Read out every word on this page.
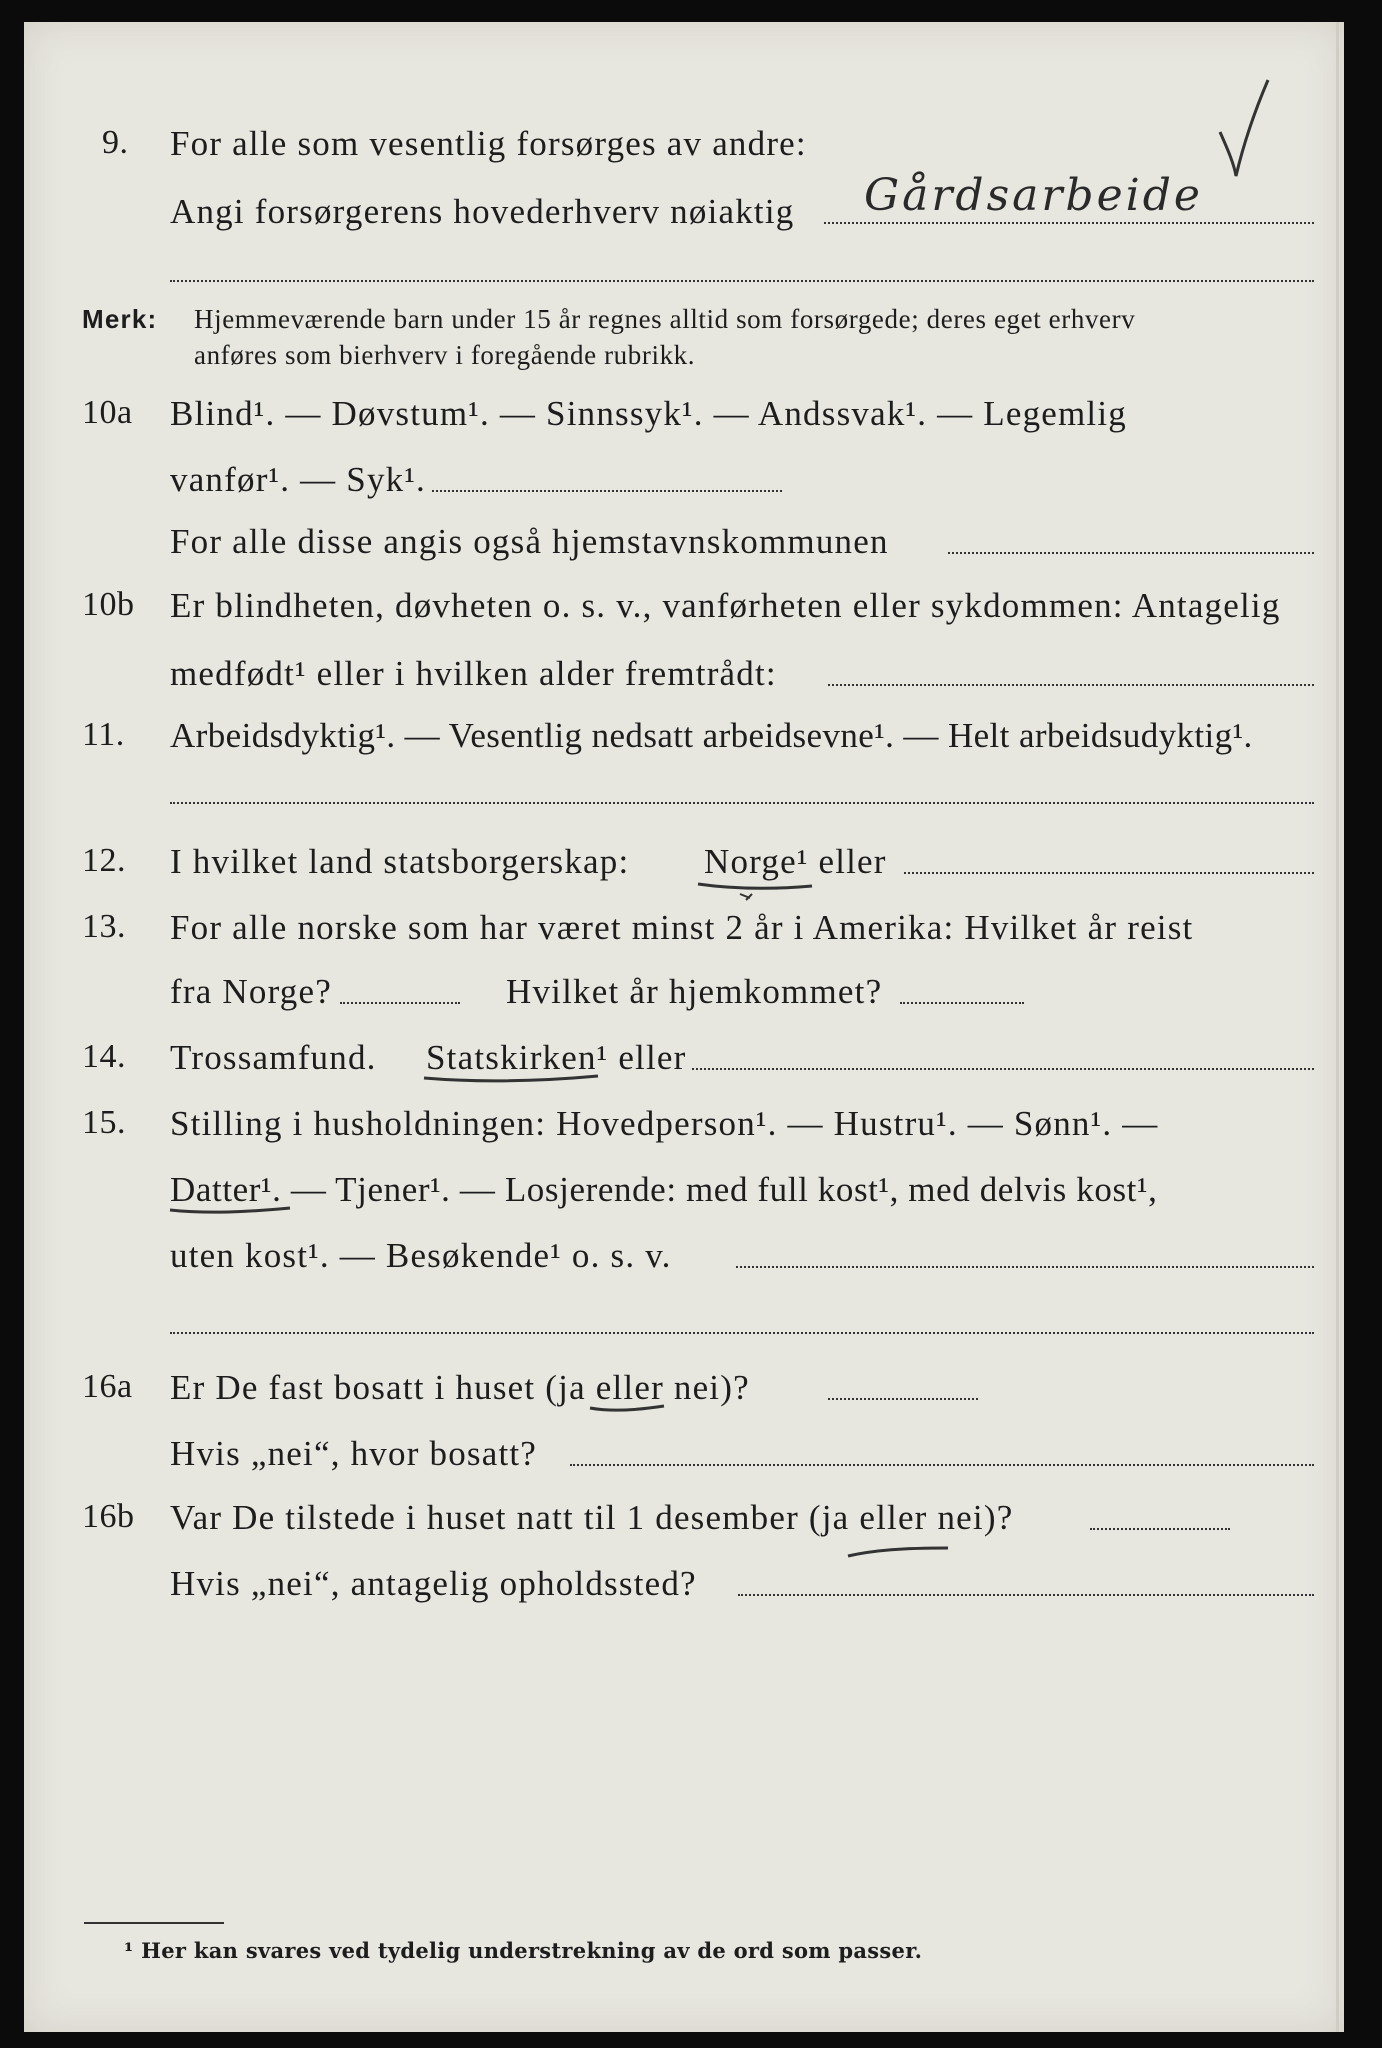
9. For alle som vesentlig forsørges av andre:
Angi forsørgerens hovederhverv nøiaktig Gårdsarbeide
Merk: Hjemmeværende barn under 15 år regnes alltid som forsørgede; deres eget erhverv
anføres som bierhverv i foregående rubrikk.
10a Blind¹. — Døvstum¹. — Sinnssyk¹. — Andssvak¹. — Legemlig
vanfør¹. — Syk¹.
For alle disse angis også hjemstavnskommunen
10b Er blindheten, døvheten o. s. v., vanførheten eller sykdommen: Antagelig
medfødt¹ eller i hvilken alder fremtrådt:
11. Arbeidsdyktig¹. — Vesentlig nedsatt arbeidsevne¹. — Helt arbeidsudyktig¹.
12. I hvilket land statsborgerskap: Norge¹ eller
13. For alle norske som har været minst 2 år i Amerika: Hvilket år reist
fra Norge?	Hvilket år hjemkommet?
14. Trossamfund. Statskirken¹ eller
15. Stilling i husholdningen: Hovedperson¹. — Hustru¹. — Sønn¹. —
Datter¹. — Tjener¹. — Losjerende: med full kost¹, med delvis kost¹,
uten kost¹. — Besøkende¹ o. s. v.
16a Er De fast bosatt i huset (ja eller nei)?
Hvis „nei“, hvor bosatt?
16b Var De tilstede i huset natt til 1 desember (ja eller nei)?
Hvis „nei“, antagelig opholdssted?
¹ Her kan svares ved tydelig understrekning av de ord som passer.
